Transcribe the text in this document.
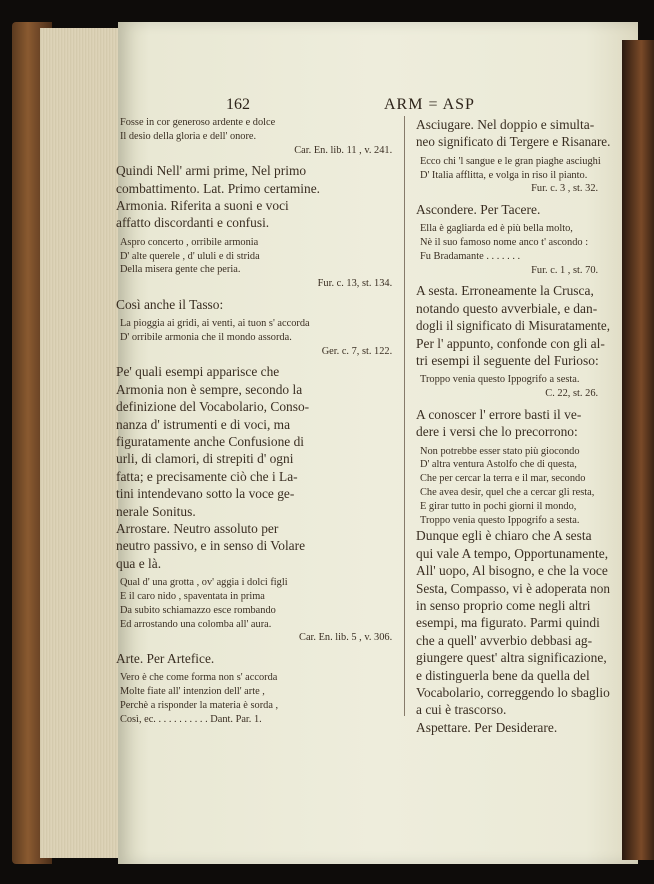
162	ARM = ASP
Fosse in cor generoso ardente e dolce
Il desio della gloria e dell' onore.
Car. En. lib. 11 , v. 241.
Quindi Nell' armi prime, Nel primo
combattimento. Lat. Primo certamine.
Armonia. Riferita a suoni e voci
affatto discordanti e confusi.
Aspro concerto , orribile armonia
D' alte querele , d' ululi e di strida
Della misera gente che peria.
Fur. c. 13, st. 134.
Così anche il Tasso:
La pioggia ai gridi, ai venti, ai tuon s' accorda
D' orribile armonia che il mondo assorda.
Ger. c. 7, st. 122.
Pe' quali esempi apparisce che
Armonia non è sempre, secondo la
definizione del Vocabolario, Conso-
nanza d' istrumenti e di voci, ma
figuratamente anche Confusione di
urli, di clamori, di strepiti d' ogni
fatta; e precisamente ciò che i La-
tini intendevano sotto la voce ge-
nerale Sonitus.
Arrostare. Neutro assoluto per
neutro passivo, e in senso di Volare
qua e là.
Qual d' una grotta , ov' aggia i dolci figli
E il caro nido , spaventata in prima
Da subito schiamazzo esce rombando
Ed arrostando una colomba all' aura.
Car. En. lib. 5 , v. 306.
Arte. Per Artefice.
Vero è che come forma non s' accorda
Molte fiate all' intenzion dell' arte ,
Perchè a risponder la materia è sorda ,
Così, ec. . . . . . . . . . . Dant. Par. 1.
Asciugare. Nel doppio e simulta-
neo significato di Tergere e Risanare.
Ecco chi 'l sangue e le gran piaghe asciughi
D' Italia afflitta, e volga in riso il pianto.
Fur. c. 3 , st. 32.
Ascondere. Per Tacere.
Ella è gagliarda ed è più bella molto,
Nè il suo famoso nome anco t' ascondo :
Fu Bradamante . . . . . . .
Fur. c. 1 , st. 70.
A sesta. Erroneamente la Crusca,
notando questo avverbiale, e dan-
dogli il significato di Misuratamente,
Per l' appunto, confonde con gli al-
tri esempi il seguente del Furioso:
Troppo venia questo Ippogrifo a sesta.
C. 22, st. 26.
A conoscer l' errore basti il ve-
dere i versi che lo precorrono:
Non potrebbe esser stato più giocondo
D' altra ventura Astolfo che di questa,
Che per cercar la terra e il mar, secondo
Che avea desir, quel che a cercar gli resta,
E girar tutto in pochi giorni il mondo,
Troppo venia questo Ippogrifo a sesta.
Dunque egli è chiaro che A sesta
qui vale A tempo, Opportunamente,
All' uopo, Al bisogno, e che la voce
Sesta, Compasso, vi è adoperata non
in senso proprio come negli altri
esempi, ma figurato. Parmi quindi
che a quell' avverbio debbasi ag-
giungere quest' altra significazione,
e distinguerla bene da quella del
Vocabolario, correggendo lo sbaglio
a cui è trascorso.
Aspettare. Per Desiderare.
